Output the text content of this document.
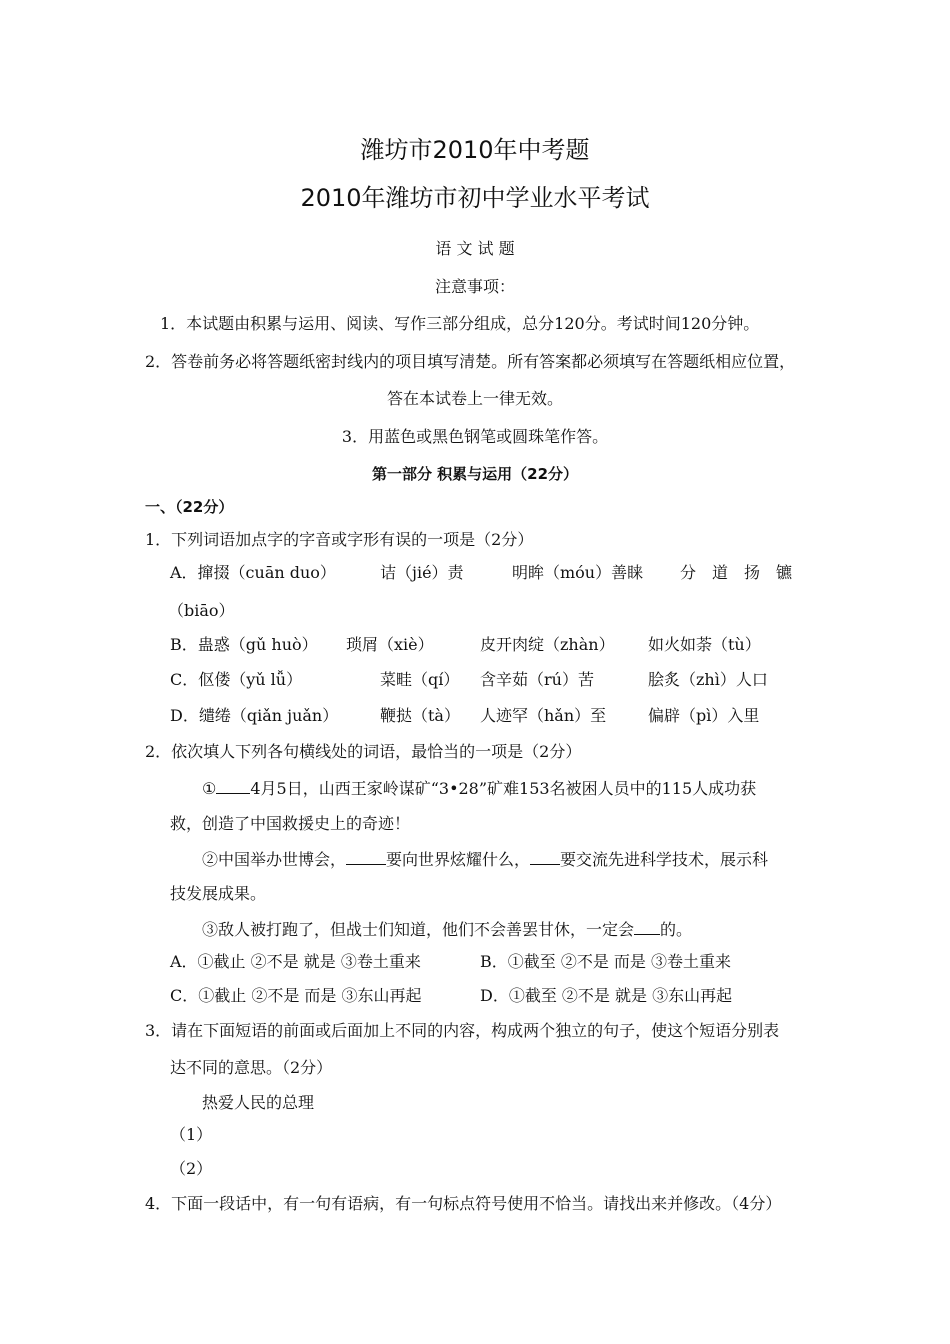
潍坊市2010年中考题
2010年潍坊市初中学业水平考试
语 文 试 题
注意事项：
1．本试题由积累与运用、阅读、写作三部分组成，总分120分。考试时间120分钟。
2．答卷前务必将答题纸密封线内的项目填写清楚。所有答案都必须填写在答题纸相应位置，
答在本试卷上一律无效。
3．用蓝色或黑色钢笔或圆珠笔作答。
第一部分 积累与运用（22分）
一、（22分）
1．下列词语加点字的字音或字形有误的一项是（2分）
A．撺掇（cuān duo）	诘（jié）责	明眸（móu）善睐 分　道　扬　镳
（biāo）
B．蛊惑（gǔ huò） 琐屑（xiè）	皮开肉绽（zhàn） 如火如荼（tù）
C．伛偻（yǔ lǚ）	菜畦（qí） 含辛茹（rú）苦	脍炙（zhì）人口
D．缱绻（qiǎn juǎn）	鞭挞（tà） 人迹罕（hǎn）至	偏辟（pì）入里
2．依次填人下列各句横线处的词语，最恰当的一项是（2分）
① 4月5日，山西王家岭谋矿“3•28”矿难153名被困人员中的115人成功获
救，创造了中国救援史上的奇迹！
②中国举办世博会，	要向世界炫耀什么， 要交流先进科学技术，展示科
技发展成果。
③敌人被打跑了，但战士们知道，他们不会善罢甘休，一定会 的。
A．①截止 ②不是 就是 ③卷土重来	B．①截至 ②不是 而是 ③卷土重来
C．①截止 ②不是 而是 ③东山再起	D．①截至 ②不是 就是 ③东山再起
3．请在下面短语的前面或后面加上不同的内容，构成两个独立的句子，使这个短语分别表
达不同的意思。（2分）
热爱人民的总理
（1）
（2）
4．下面一段话中，有一句有语病，有一句标点符号使用不恰当。请找出来并修改。（4分）
